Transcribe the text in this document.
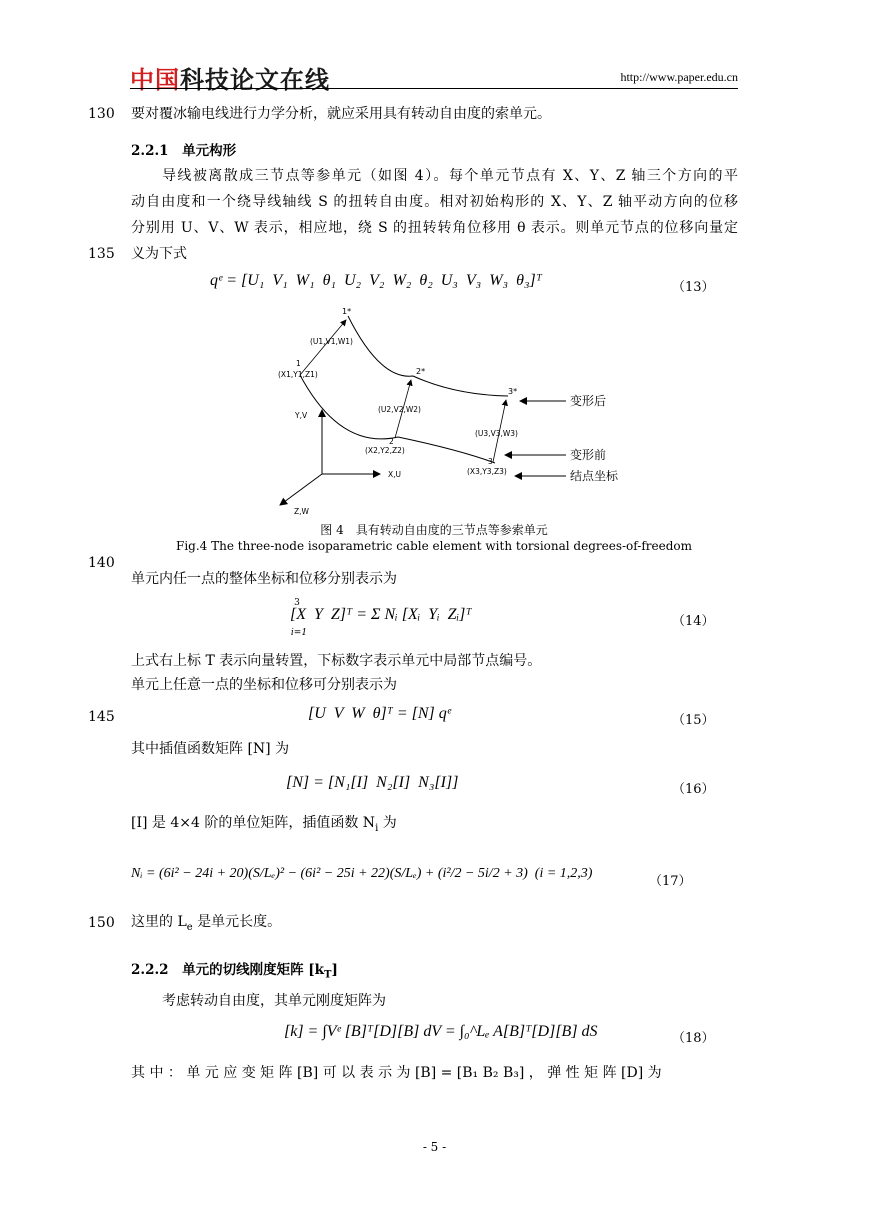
中国科技论文在线	http://www.paper.edu.cn
130 要对覆冰输电线进行力学分析，就应采用具有转动自由度的索单元。
2.2.1　单元构形
导线被离散成三节点等参单元（如图 4）。每个单元节点有 X、Y、Z 轴三个方向的平
动自由度和一个绕导线轴线 S 的扭转自由度。相对初始构形的 X、Y、Z 轴平动方向的位移
分别用 U、V、W 表示，相应地，绕 S 的扭转转角位移用 θ 表示。则单元节点的位移向量定
135 义为下式
qᵉ = [U₁  V₁  W₁  θ₁  U₂  V₂  W₂  θ₂  U₃  V₃  W₃  θ₃]ᵀ	（13）
1*
(U1,V1,W1)
1
(X1,Y1,Z1)	2*
(U2,V2,W2)
Y,V
3*
变形后
(U3,V3,W3)
2
(X2,Y2,Z2)	变形前
3
X,U	(X3,Y3,Z3)	结点坐标
Z,W
图 4　具有转动自由度的三节点等参索单元
Fig.4 The three-node isoparametric cable element with torsional degrees-of-freedom
140
单元内任一点的整体坐标和位移分别表示为
3
[X  Y  Z]ᵀ = Σ Nᵢ [Xᵢ  Yᵢ  Zᵢ]ᵀ
i=1
（14）
上式右上标 T 表示向量转置，下标数字表示单元中局部节点编号。
单元上任意一点的坐标和位移可分别表示为
145	[U  V  W  θ]ᵀ = [N] qᵉ	（15）
其中插值函数矩阵 [N] 为
[N] = [N₁[I]  N₂[I]  N₃[I]]	（16）
[I] 是 4×4 阶的单位矩阵，插值函数 $N_i$ 为
Nᵢ = (6i² − 24i + 20)(S/Lₑ)² − (6i² − 25i + 22)(S/Lₑ) + (i²/2 − 5i/2 + 3)  (i = 1,2,3)
（17）
150 这里的 $L_e$ 是单元长度。
2.2.2　单元的切线刚度矩阵 $[k_T]$
考虑转动自由度，其单元刚度矩阵为
[k] = ∫Vᵉ [B]ᵀ[D][B] dV = ∫₀^Lₑ A[B]ᵀ[D][B] dS	（18）
其 中 ： 单 元 应 变 矩 阵 [B] 可 以 表 示 为 [B] = [B₁ B₂ B₃] ， 弹 性 矩 阵 [D] 为
- 5 -
